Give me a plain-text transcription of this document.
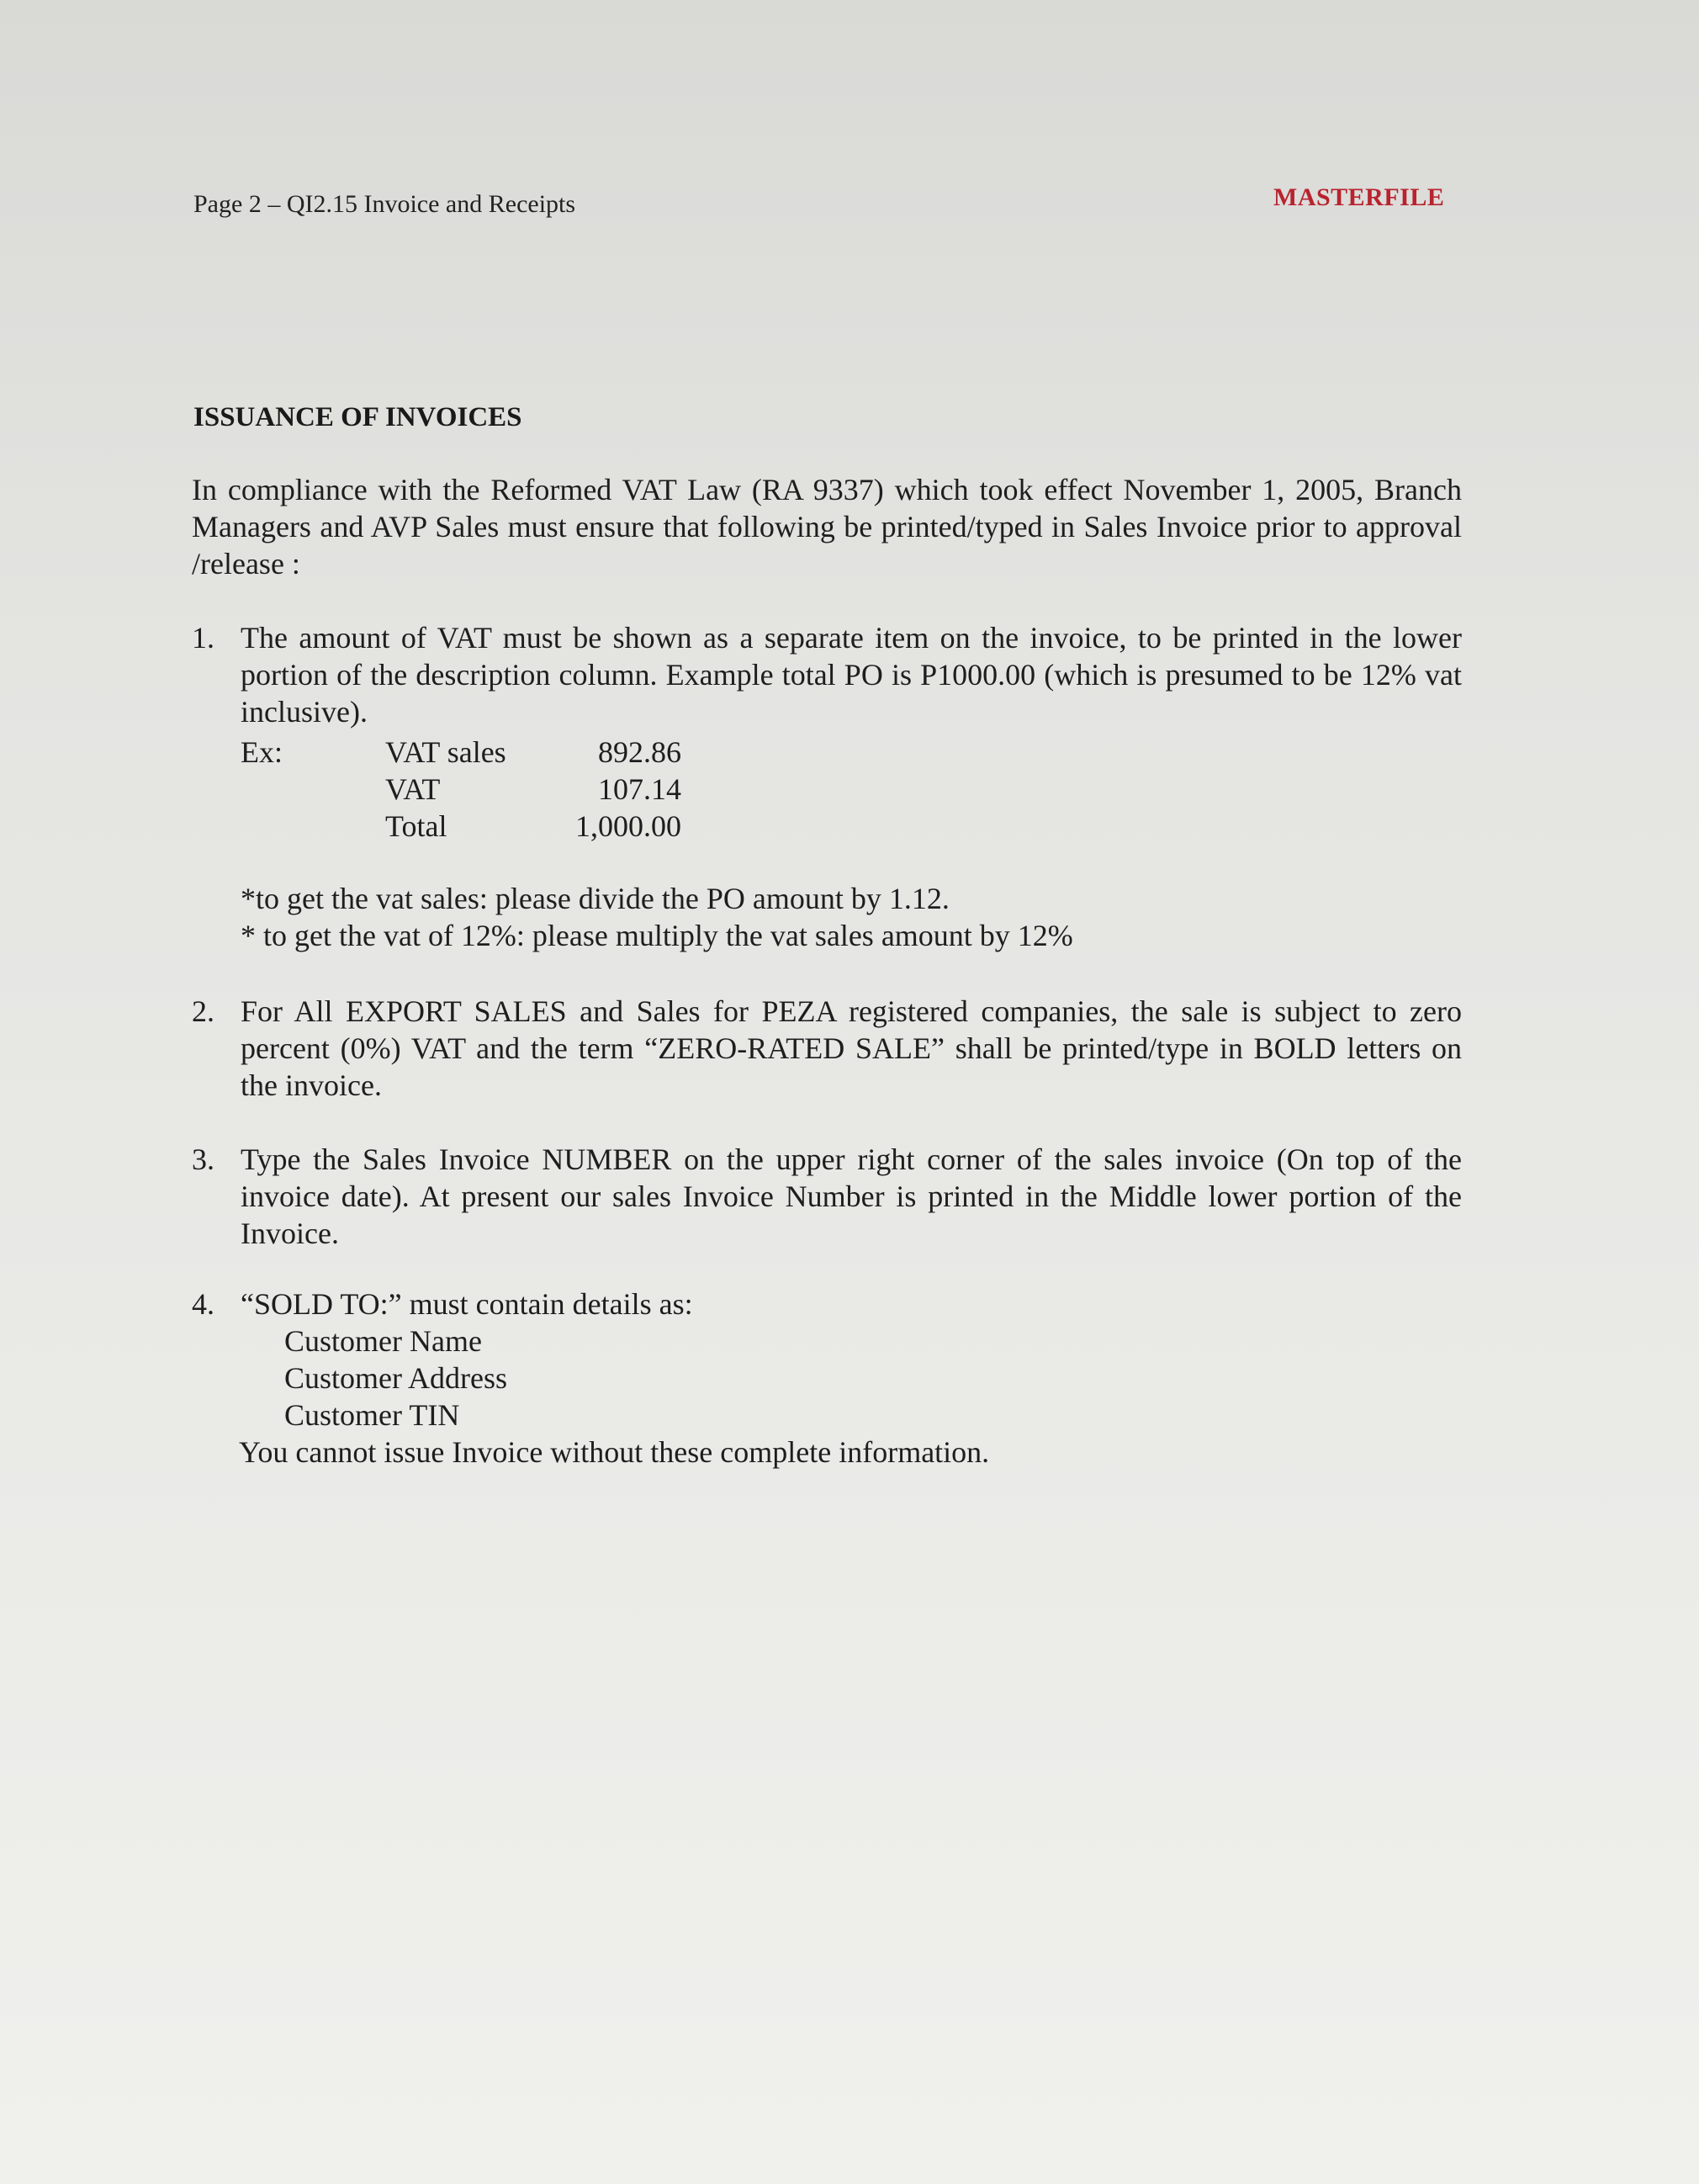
Page 2 – QI2.15 Invoice and Receipts	MASTERFILE
ISSUANCE OF INVOICES
In compliance with the Reformed VAT Law (RA 9337) which took effect November 1, 2005, Branch Managers and AVP Sales must ensure that following be printed/typed in Sales Invoice prior to approval /release :
1. The amount of VAT must be shown as a separate item on the invoice, to be printed in the lower portion of the description column. Example total PO is P1000.00 (which is presumed to be 12% vat inclusive).
Ex:	VAT sales	892.86
VAT	107.14
Total	1,000.00
*to get the vat sales: please divide the PO amount by 1.12.
* to get the vat of 12%: please multiply the vat sales amount by 12%
2. For All EXPORT SALES and Sales for PEZA registered companies, the sale is subject to zero percent (0%) VAT and the term “ZERO-RATED SALE” shall be printed/type in BOLD letters on the invoice.
3. Type the Sales Invoice NUMBER on the upper right corner of the sales invoice (On top of the invoice date). At present our sales Invoice Number is printed in the Middle lower portion of the Invoice.
4. “SOLD TO:” must contain details as:
Customer Name
Customer Address
Customer TIN
You cannot issue Invoice without these complete information.
